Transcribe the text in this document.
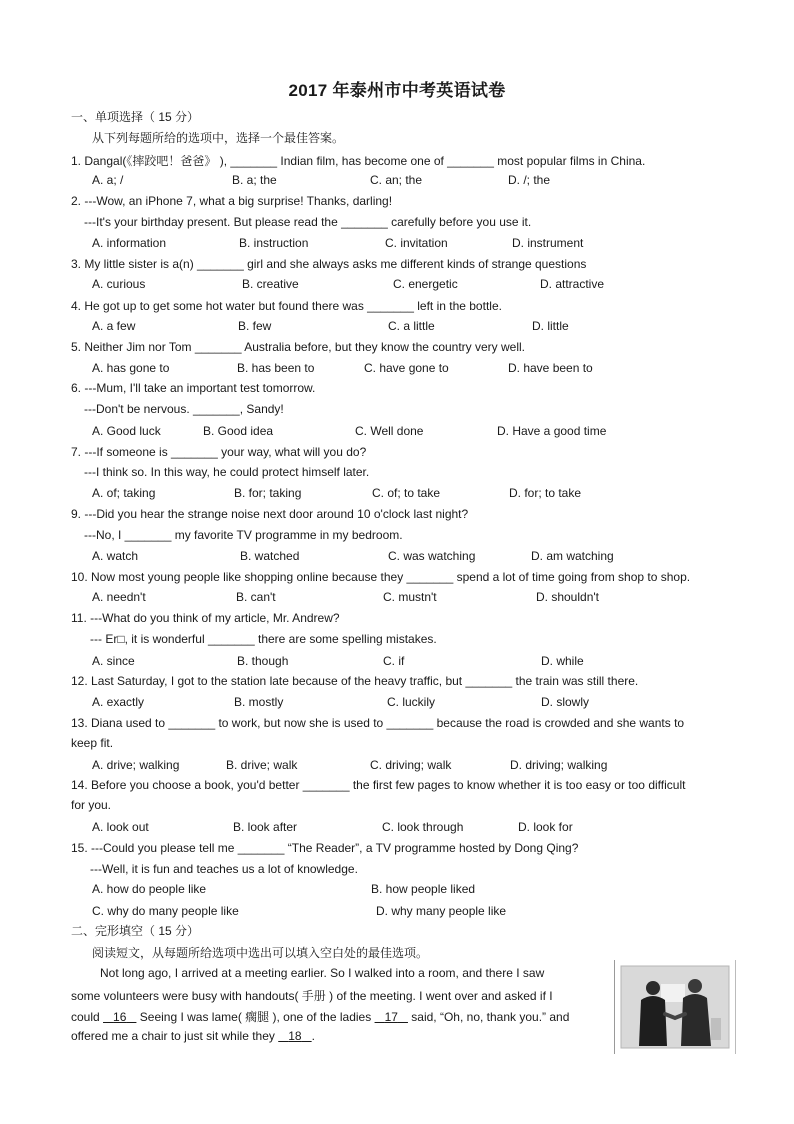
2017 年泰州市中考英语试卷
一、单项选择（ 15 分）
从下列每题所给的选项中，选择一个最佳答案。
1. Dangal(《摔跤吧！爸爸》 ), _______ Indian film, has become one of _______ most popular films in China.
A. a; /	B. a; the	C. an; the	D. /; the
2. ---Wow, an iPhone 7, what a big surprise! Thanks, darling!
---It's your birthday present. But please read the _______ carefully before you use it.
A. information	B. instruction	C. invitation	D. instrument
3. My little sister is a(n) _______ girl and she always asks me different kinds of strange questions
A. curious	B. creative	C. energetic	D. attractive
4. He got up to get some hot water but found there was _______ left in the bottle.
A. a few	B. few	C. a little	D. little
5. Neither Jim nor Tom _______ Australia before, but they know the country very well.
A. has gone to	B. has been to	C. have gone to	D. have been to
6. ---Mum, I'll take an important test tomorrow.
---Don't be nervous. _______, Sandy!
A. Good luck	B. Good idea	C. Well done	D. Have a good time
7. ---If someone is _______ your way, what will you do?
---I think so. In this way, he could protect himself later.
A. of; taking	B. for; taking	C. of; to take	D. for; to take
9. ---Did you hear the strange noise next door around 10 o'clock last night?
---No, I _______ my favorite TV programme in my bedroom.
A. watch	B. watched	C. was watching	D. am watching
10. Now most young people like shopping online because they _______ spend a lot of time going from shop to shop.
A. needn't	B. can't	C. mustn't	D. shouldn't
11. ---What do you think of my article, Mr. Andrew?
--- Er□, it is wonderful _______ there are some spelling mistakes.
A. since	B. though	C. if	D. while
12. Last Saturday, I got to the station late because of the heavy traffic, but _______ the train was still there.
A. exactly	B. mostly	C. luckily	D. slowly
13. Diana used to _______ to work, but now she is used to _______ because the road is crowded and she wants to
keep fit.
A. drive; walking	B. drive; walk	C. driving; walk	D. driving; walking
14. Before you choose a book, you'd better _______ the first few pages to know whether it is too easy or too difficult
for you.
A. look out	B. look after	C. look through	D. look for
15. ---Could you please tell me _______ “The Reader”, a TV programme hosted by Dong Qing?
---Well, it is fun and teaches us a lot of knowledge.
A. how do people like	B. how people liked
C. why do many people like	D. why many people like
二、完形填空（ 15 分）
阅读短文，从每题所给选项中选出可以填入空白处的最佳选项。
Not long ago, I arrived at a meeting earlier. So I walked into a room, and there I saw
some volunteers were busy with handouts( 手册 ) of the meeting. I went over and asked if I
could 16 Seeing I was lame( 瘸腿 ), one of the ladies 17 said, “Oh, no, thank you.” and
offered me a chair to just sit while they 18 .
